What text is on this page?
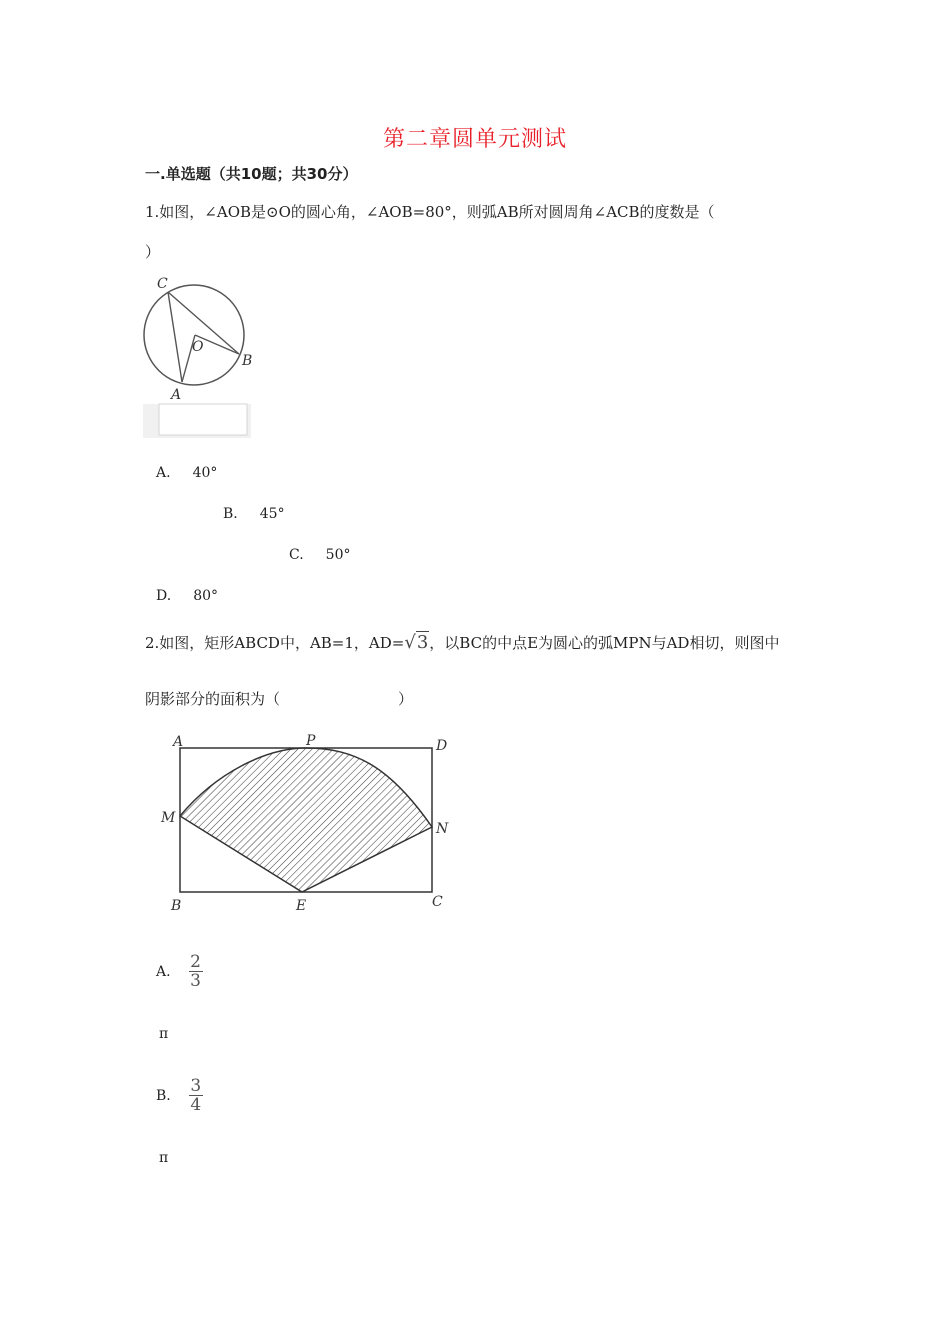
第二章圆单元测试
一.单选题（共10题；共30分）
1.如图，∠AOB是⊙O的圆心角，∠AOB=80°，则弧AB所对圆周角∠ACB的度数是（
）
C
O
B
A
A. 40°
B. 45°
C. 50°
D. 80°
2.如图，矩形ABCD中，AB=1，AD=√3，以BC的中点E为圆心的弧MPN与AD相切，则图中
阴影部分的面积为（	）
A	P	D
M
N
B	E	C
A. $\frac{2}{3}$
π
B. $\frac{3}{4}$
π
